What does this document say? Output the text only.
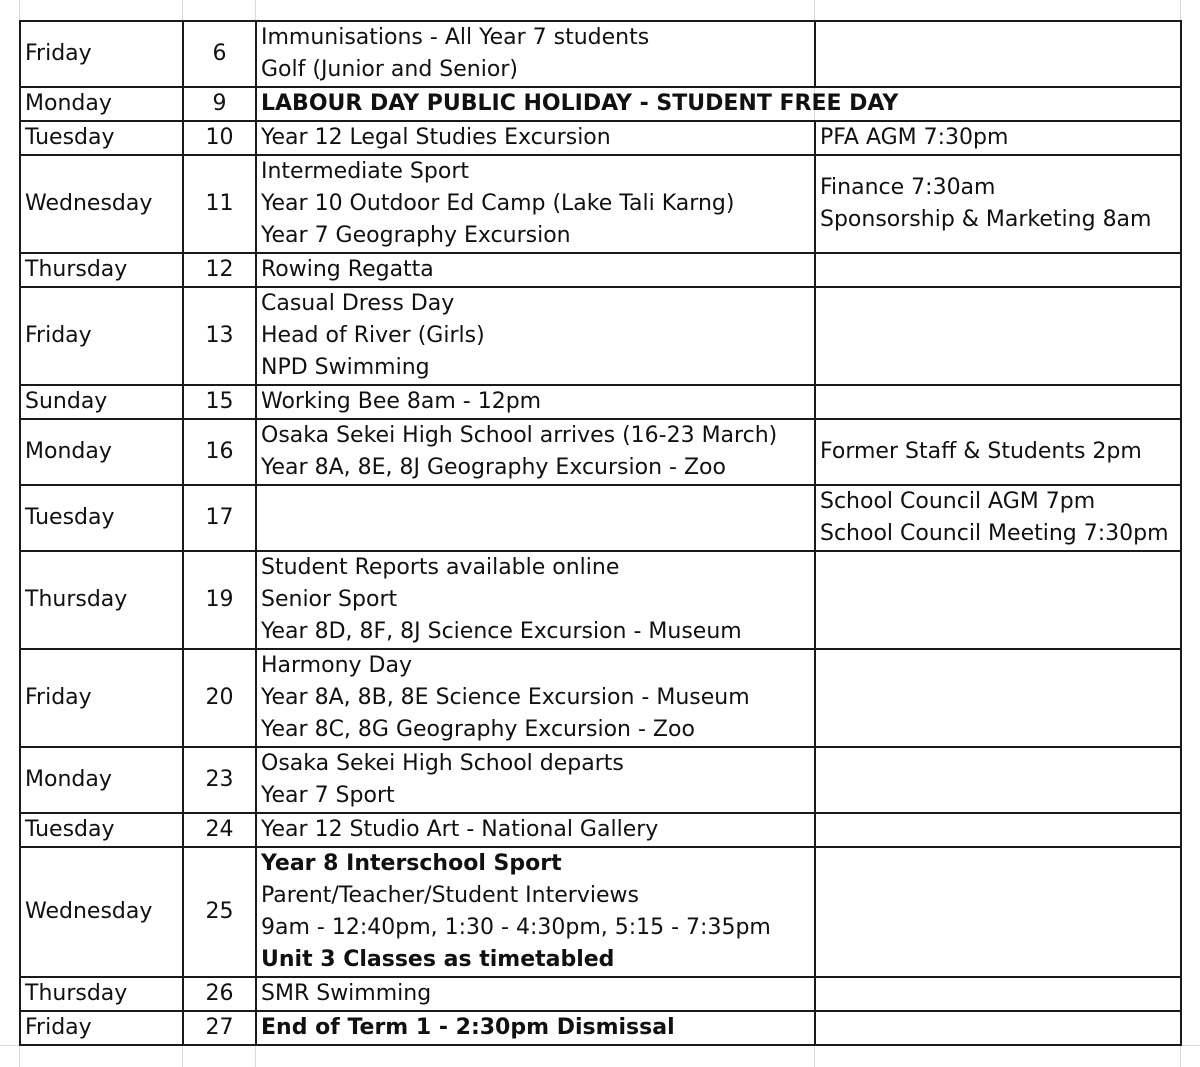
Friday	6	Immunisations - All Year 7 students
Golf (Junior and Senior)	

Monday	9	LABOUR DAY PUBLIC HOLIDAY - STUDENT FREE DAY	

Tuesday	10	Year 12 Legal Studies Excursion	PFA AGM 7:30pm

Wednesday	11	Intermediate Sport
Year 10 Outdoor Ed Camp (Lake Tali Karng)
Year 7 Geography Excursion	Finance 7:30am
Sponsorship & Marketing 8am

Thursday	12	Rowing Regatta	

Friday	13	Casual Dress Day
Head of River (Girls)
NPD Swimming	

Sunday	15	Working Bee 8am - 12pm	

Monday	16	Osaka Sekei High School arrives (16-23 March)
Year 8A, 8E, 8J Geography Excursion - Zoo	Former Staff & Students 2pm

Tuesday	17		School Council AGM 7pm
School Council Meeting 7:30pm

Thursday	19	Student Reports available online
Senior Sport
Year 8D, 8F, 8J Science Excursion - Museum	

Friday	20	Harmony Day
Year 8A, 8B, 8E Science Excursion - Museum
Year 8C, 8G Geography Excursion - Zoo	

Monday	23	Osaka Sekei High School departs
Year 7 Sport	

Tuesday	24	Year 12 Studio Art - National Gallery	

Wednesday	25	Year 8 Interschool Sport
Parent/Teacher/Student Interviews
9am - 12:40pm, 1:30 - 4:30pm, 5:15 - 7:35pm
Unit 3 Classes as timetabled	

Thursday	26	SMR Swimming	

Friday	27	End of Term 1 - 2:30pm Dismissal	
